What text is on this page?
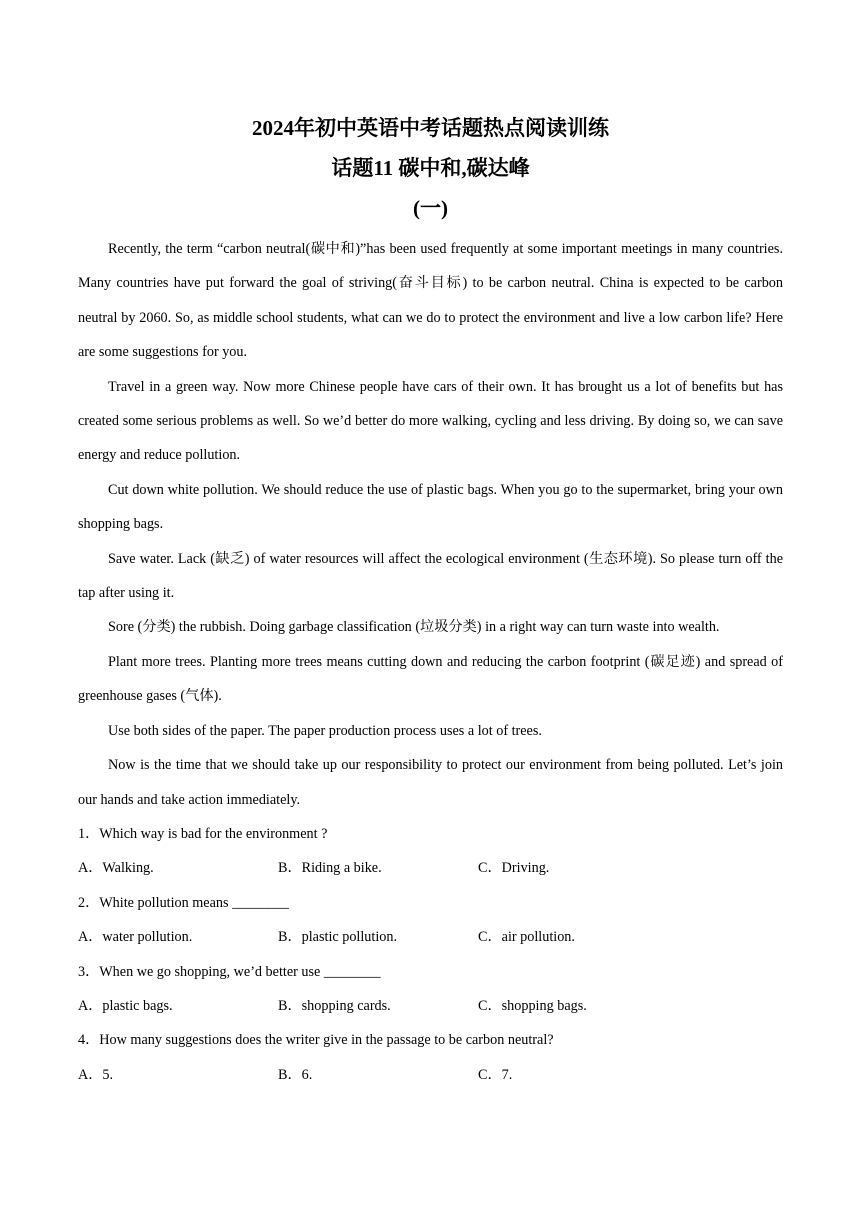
2024年初中英语中考话题热点阅读训练
话题11 碳中和,碳达峰
(一)

Recently, the term “carbon neutral(碳中和)”has been used frequently at some important meetings in many countries. Many countries have put forward the goal of striving(奋斗目标) to be carbon neutral. China is expected to be carbon neutral by 2060. So, as middle school students, what can we do to protect the environment and live a low carbon life? Here are some suggestions for you.

Travel in a green way. Now more Chinese people have cars of their own. It has brought us a lot of benefits but has created some serious problems as well. So we’d better do more walking, cycling and less driving. By doing so, we can save energy and reduce pollution.

Cut down white pollution. We should reduce the use of plastic bags. When you go to the supermarket, bring your own shopping bags.

Save water. Lack (缺乏) of water resources will affect the ecological environment (生态环境). So please turn off the tap after using it.

Sore (分类) the rubbish. Doing garbage classification (垃圾分类) in a right way can turn waste into wealth.

Plant more trees. Planting more trees means cutting down and reducing the carbon footprint (碳足迹) and spread of greenhouse gases (气体).

Use both sides of the paper. The paper production process uses a lot of trees.

Now is the time that we should take up our responsibility to protect our environment from being polluted. Let’s join our hands and take action immediately.

1．Which way is bad for the environment ?

A．Walking.	B．Riding a bike.	C．Driving.

2．White pollution means ________

A．water pollution.	B．plastic pollution.	C．air pollution.

3．When we go shopping, we’d better use ________

A．plastic bags.	B．shopping cards.	C．shopping bags.

4．How many suggestions does the writer give in the passage to be carbon neutral?

A．5.	B．6.	C．7.
